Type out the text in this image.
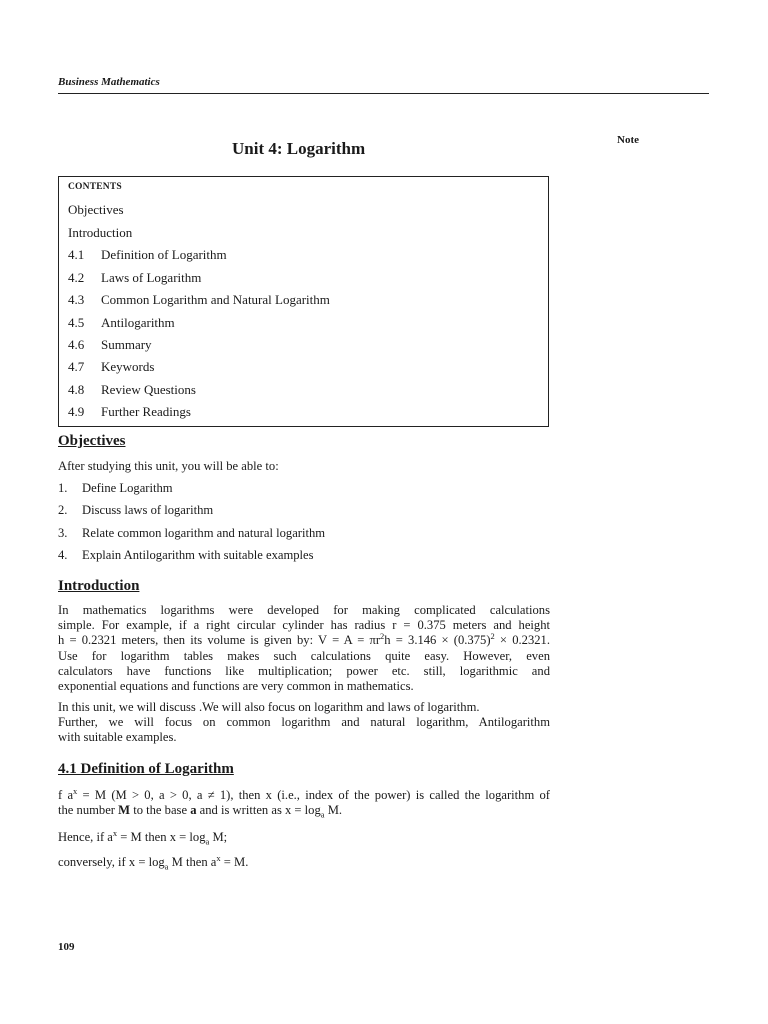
Business Mathematics
Note
Unit 4: Logarithm
CONTENTS
Objectives
Introduction
4.1 Definition of Logarithm
4.2 Laws of Logarithm
4.3 Common Logarithm and Natural Logarithm
4.5 Antilogarithm
4.6 Summary
4.7 Keywords
4.8 Review Questions
4.9 Further Readings
Objectives
After studying this unit, you will be able to:
1. Define Logarithm
2. Discuss laws of logarithm
3. Relate common logarithm and natural logarithm
4. Explain Antilogarithm with suitable examples
Introduction
In mathematics logarithms were developed for making complicated calculations
simple. For example, if a right circular cylinder has radius r = 0.375 meters and height
h = 0.2321 meters, then its volume is given by: $V = A = \pi r^2h = 3.146 \times (0.375)^2 \times 0.2321$.
Use for logarithm tables makes such calculations quite easy. However, even
calculators have functions like multiplication; power etc. still, logarithmic and
exponential equations and functions are very common in mathematics.
In this unit, we will discuss .We will also focus on logarithm and laws of logarithm.
Further, we will focus on common logarithm and natural logarithm, Antilogarithm
with suitable examples.
4.1 Definition of Logarithm
f $a^x = M$ (M > 0, a > 0, a ≠ 1), then x (i.e., index of the power) is called the logarithm of
the number M to the base a and is written as $x = \log_a M$.
Hence, if $a^x = M$ then $x = \log_a M$;
conversely, if $x = \log_a M$ then $a^x = M$.
109
